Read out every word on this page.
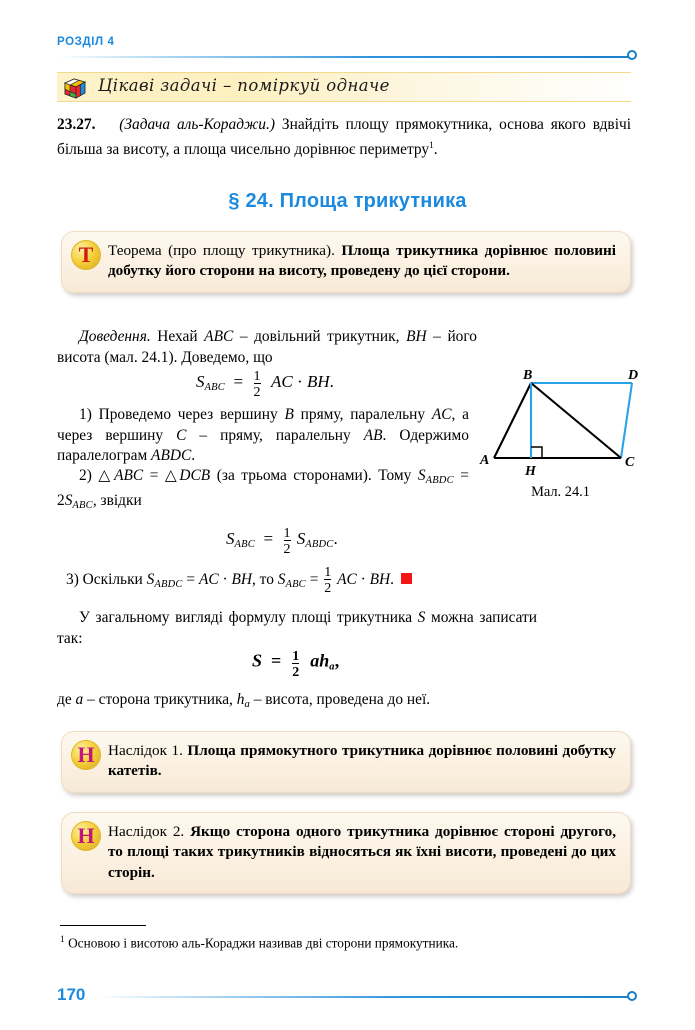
РОЗДІЛ 4
Цікаві задачі – поміркуй одначе
23.27. (Задача аль-Кораджи.) Знайдіть площу прямокутника, основа якого вдвічі більша за висоту, а площа чисельно дорівнює периметру$^1$.
§ 24. Площа трикутника
Т Теорема (про площу трикутника). Площа трикутника дорівнює половині добутку його сторони на висоту, проведену до цієї сторони.
Доведення. Нехай ABC – довільний трикутник, BH – його висота (мал. 24.1). Доведемо, що
$S_{ABC} = \frac{1}{2}$ AC · BH.	B	D
A
H
C
Мал. 24.1
1) Проведемо через вершину B пряму, паралельну AC, а через вершину C – пряму, паралельну AB. Одержимо паралелограм ABDC.
2) △ ABC = △DCB (за трьома сторонами). Тому $S_{ABDC} = 2S_{ABC}$, звідки
$S_{ABC} = \frac{1}{2} S_{ABDC}$.
3) Оскільки $S_{ABDC}$ = AC · BH, то $S_{ABC} = \frac{1}{2}$ AC · BH.
У загальному вигляді формулу площі трикутника S можна записати так:
$S = \frac{1}{2} ah_a$,
де a – сторона трикутника, $h_a$ – висота, проведена до неї.
Н Наслідок 1. Площа прямокутного трикутника дорівнює половині добутку катетів.
Н Наслідок 2. Якщо сторона одного трикутника дорівнює стороні другого, то площі таких трикутників відносяться як їхні висоти, проведені до цих сторін.
$^1$ Основою і висотою аль-Кораджи називав дві сторони прямокутника.
170
